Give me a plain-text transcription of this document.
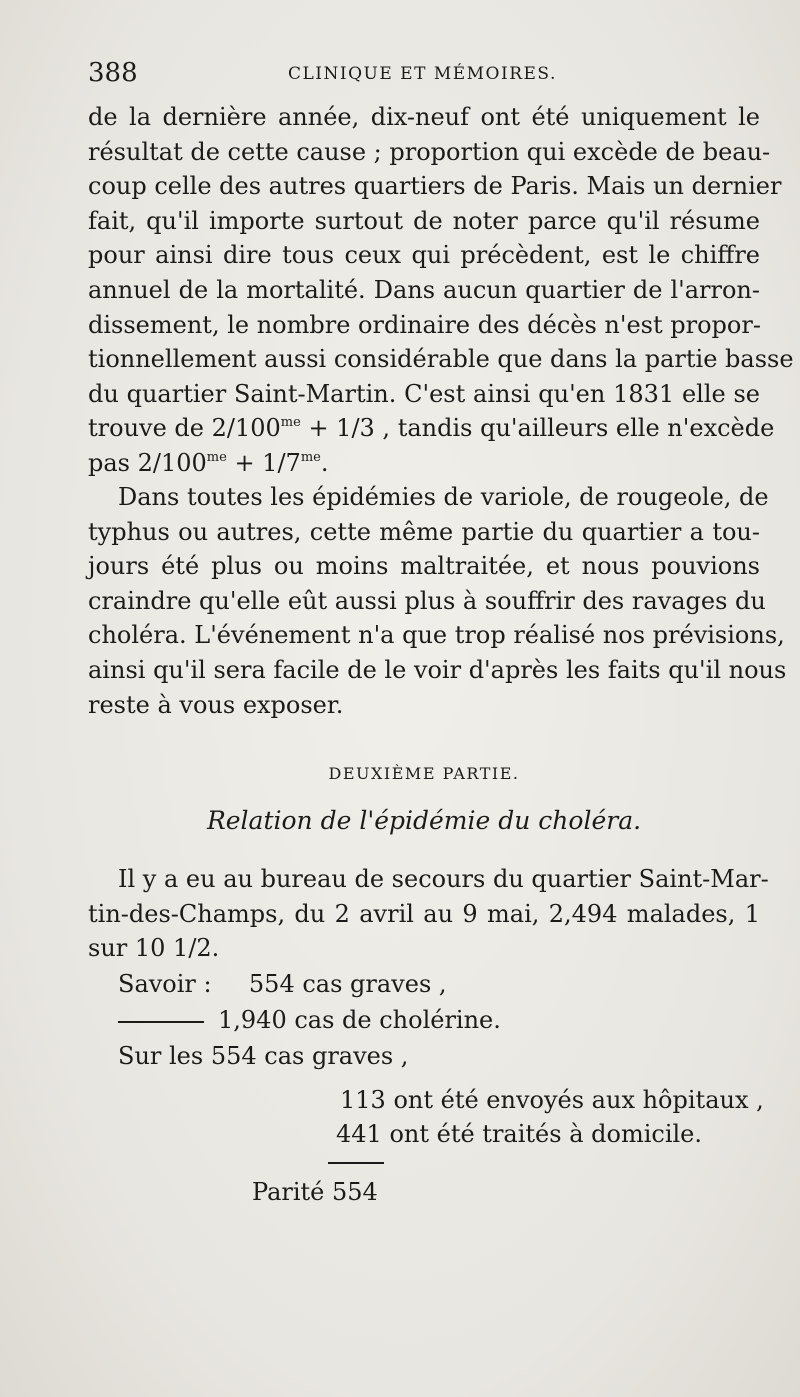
388	CLINIQUE ET MÉMOIRES.
de la dernière année, dix-neuf ont été uniquement le
résultat de cette cause ; proportion qui excède de beau-
coup celle des autres quartiers de Paris. Mais un dernier
fait, qu'il importe surtout de noter parce qu'il résume
pour ainsi dire tous ceux qui précèdent, est le chiffre
annuel de la mortalité. Dans aucun quartier de l'arron-
dissement, le nombre ordinaire des décès n'est propor-
tionnellement aussi considérable que dans la partie basse
du quartier Saint-Martin. C'est ainsi qu'en 1831 elle se
trouve de $2/100^{me} + 1/3$ , tandis qu'ailleurs elle n'excède
pas $2/100^{me} + 1/7^{me}$.
Dans toutes les épidémies de variole, de rougeole, de
typhus ou autres, cette même partie du quartier a tou-
jours été plus ou moins maltraitée, et nous pouvions
craindre qu'elle eût aussi plus à souffrir des ravages du
choléra. L'événement n'a que trop réalisé nos prévisions,
ainsi qu'il sera facile de le voir d'après les faits qu'il nous
reste à vous exposer.
DEUXIÈME PARTIE.
Relation de l'épidémie du choléra.
Il y a eu au bureau de secours du quartier Saint-Mar-
tin-des-Champs, du 2 avril au 9 mai, 2,494 malades, 1
sur 10 1/2.
Savoir : 554 cas graves ,
1,940 cas de cholérine.
Sur les 554 cas graves ,
113 ont été envoyés aux hôpitaux ,
441 ont été traités à domicile.
Parité 554
